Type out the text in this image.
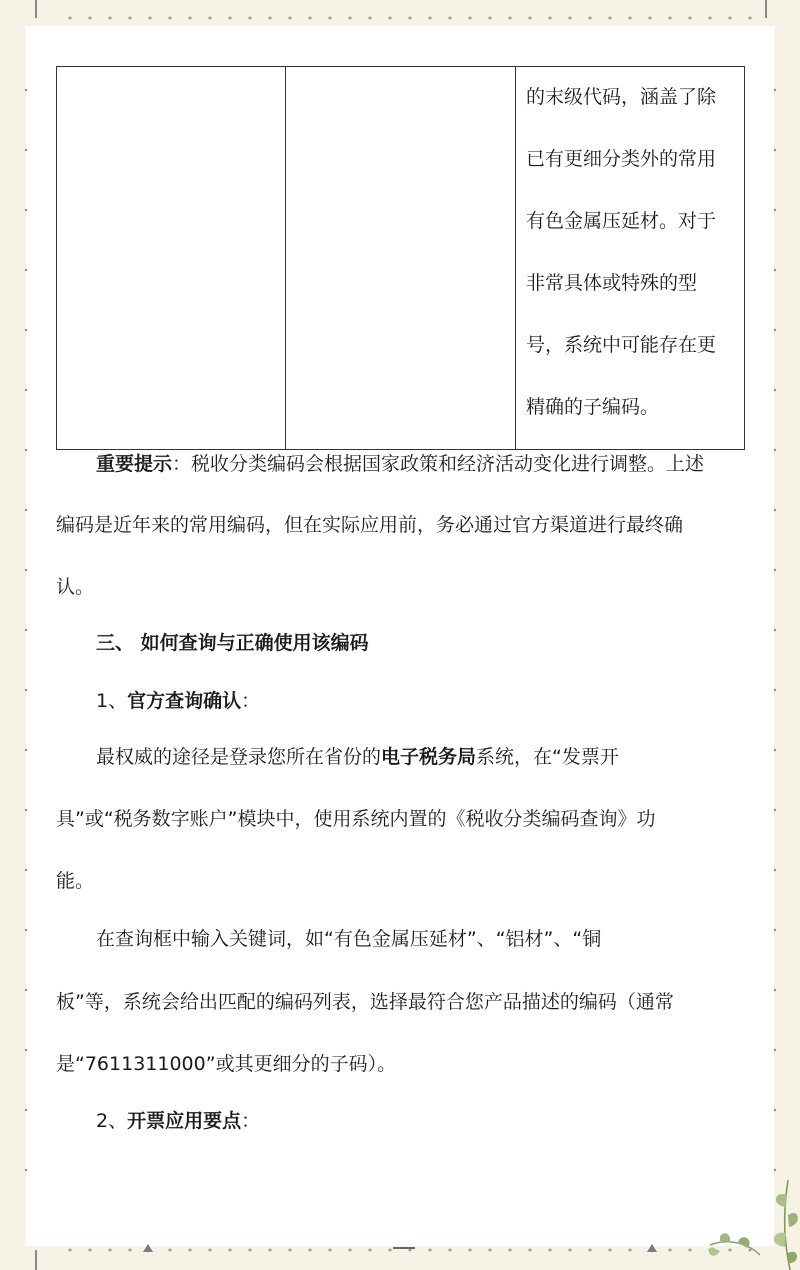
的末级代码，涵盖了除
已有更细分类外的常用
有色金属压延材。对于
非常具体或特殊的型
号，系统中可能存在更
精确的子编码。
重要提示：税收分类编码会根据国家政策和经济活动变化进行调整。上述
编码是近年来的常用编码，但在实际应用前，务必通过官方渠道进行最终确
认。
三、 如何查询与正确使用该编码
1、官方查询确认：
最权威的途径是登录您所在省份的电子税务局系统，在“发票开
具”或“税务数字账户”模块中，使用系统内置的《税收分类编码查询》功
能。
在查询框中输入关键词，如“有色金属压延材”、“铝材”、“铜
板”等，系统会给出匹配的编码列表，选择最符合您产品描述的编码（通常
是“7611311000”或其更细分的子码）。
2、开票应用要点：
